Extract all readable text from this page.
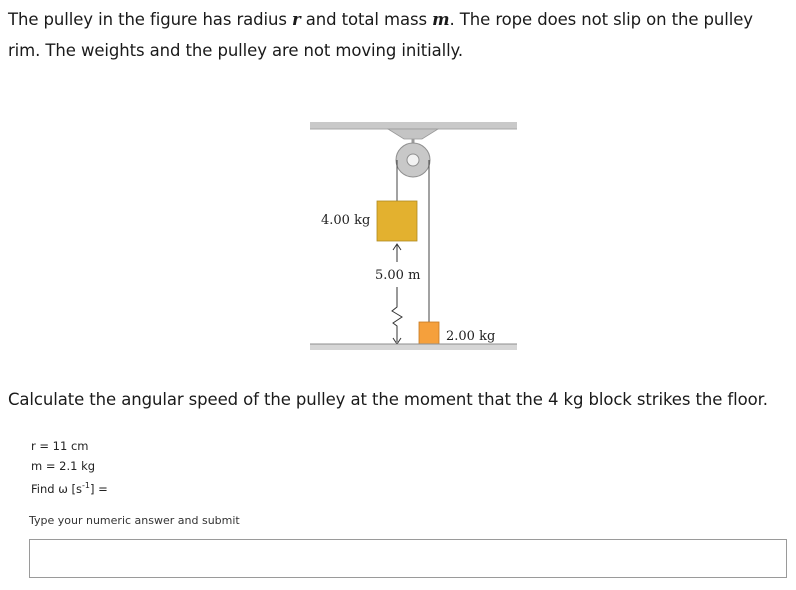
The pulley in the figure has radius r and total mass m. The rope does not slip on the pulley rim. The weights and the pulley are not moving initially.
4.00 kg
5.00 m
2.00 kg
Calculate the angular speed of the pulley at the moment that the 4 kg block strikes the floor.
r = 11 cm
m = 2.1 kg
Find ω $[s^{-1}]$ =
Type your numeric answer and submit
